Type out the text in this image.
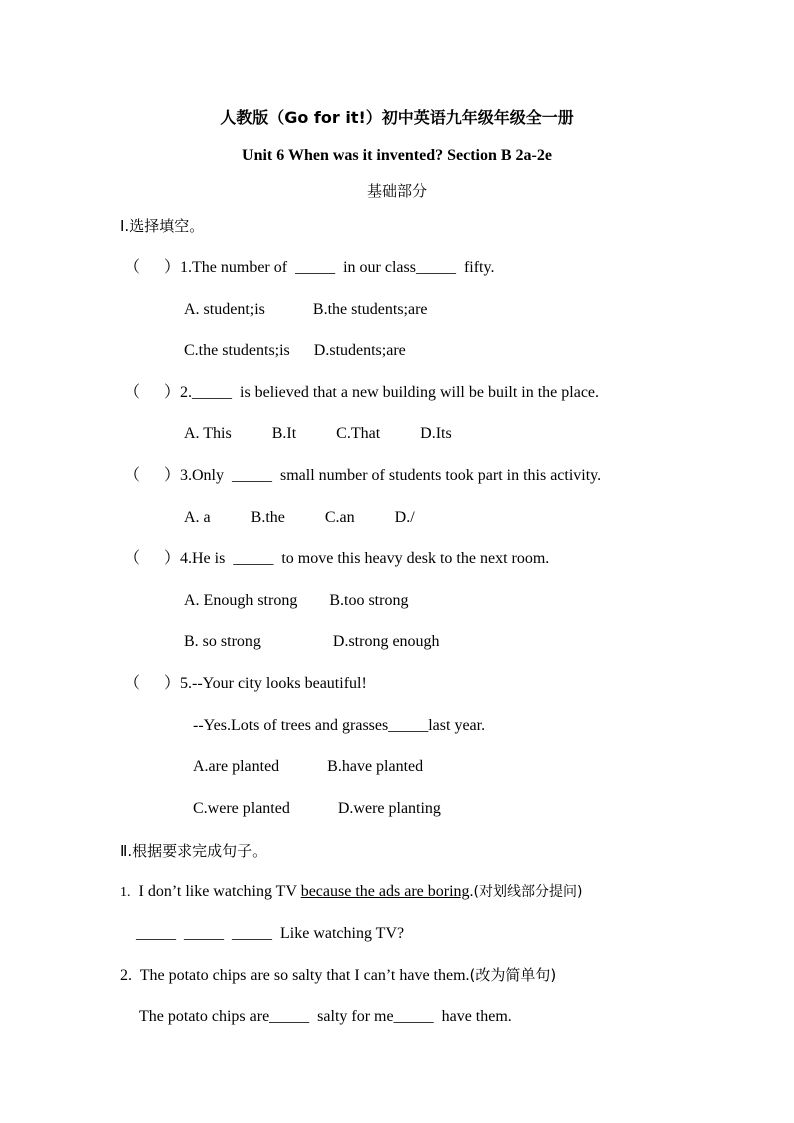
人教版（Go for it!）初中英语九年级年级全一册
Unit 6 When was it invented? Section B 2a-2e
基础部分
Ⅰ.选择填空。
（      ）1.The number of  _____  in our class_____  fifty.
A. student;is            B.the students;are
C.the students;is      D.students;are
（      ）2._____  is believed that a new building will be built in the place.
A. This          B.It          C.That          D.Its
（      ）3.Only  _____  small number of students took part in this activity.
A. a          B.the          C.an          D./
（      ）4.He is  _____  to move this heavy desk to the next room.
A. Enough strong        B.too strong
B. so strong                  D.strong enough
（      ）5.--Your city looks beautiful!
--Yes.Lots of trees and grasses_____last year.
A.are planted            B.have planted
C.were planted            D.were planting
Ⅱ.根据要求完成句子。
1. I don’t like watching TV because the ads are boring.(对划线部分提问)
_____  _____  _____  Like watching TV?
2. The potato chips are so salty that I can’t have them.(改为简单句)
The potato chips are_____  salty for me_____  have them.
